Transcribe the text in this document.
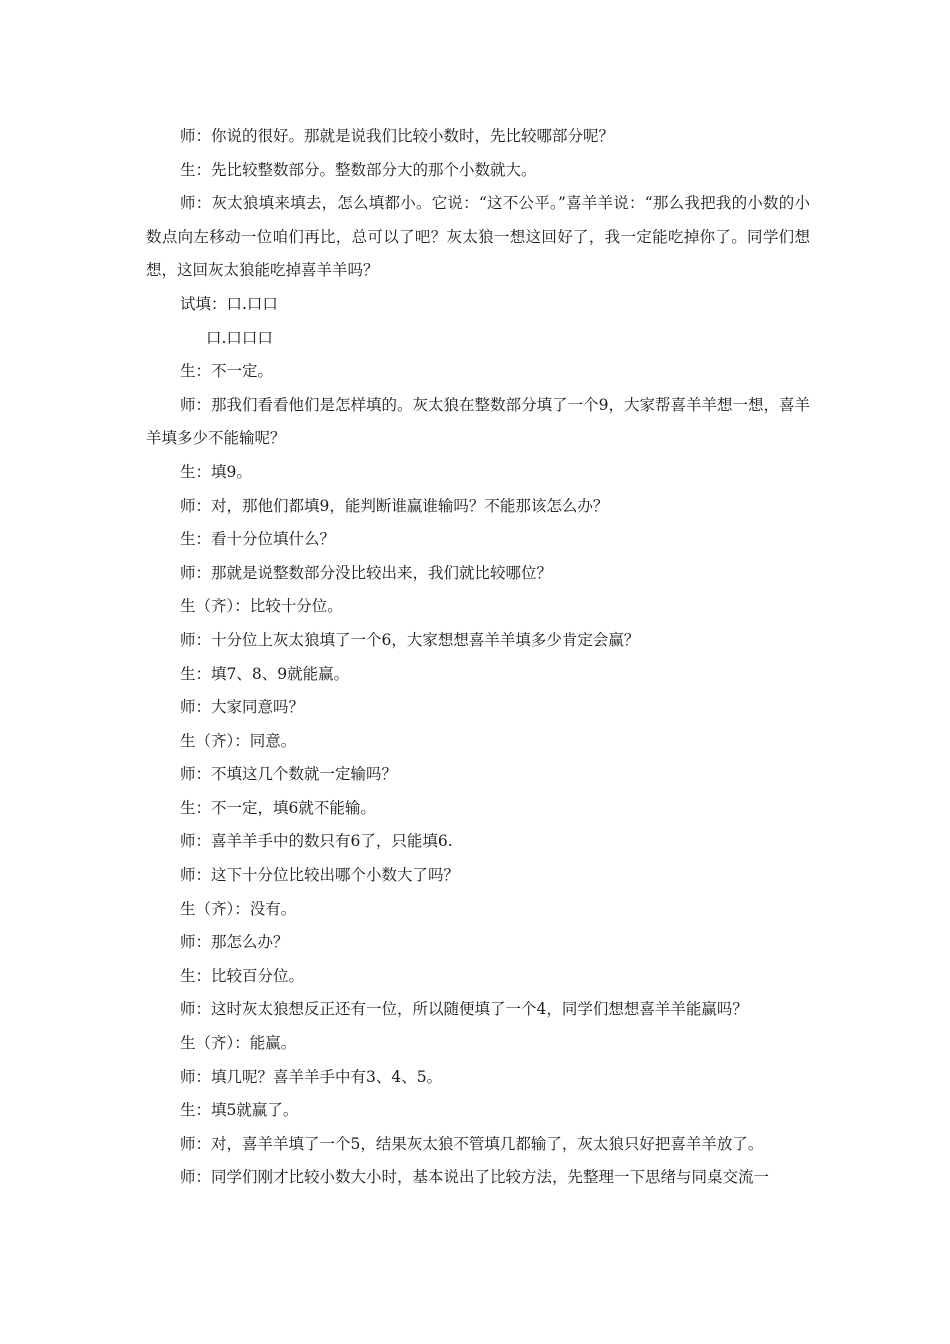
师：你说的很好。那就是说我们比较小数时，先比较哪部分呢？

生：先比较整数部分。整数部分大的那个小数就大。

师：灰太狼填来填去，怎么填都小。它说：“这不公平。”喜羊羊说：“那么我把我的小数的小数点向左移动一位咱们再比，总可以了吧？灰太狼一想这回好了，我一定能吃掉你了。同学们想想，这回灰太狼能吃掉喜羊羊吗？

试填：口.口口

口.口口口

生：不一定。

师：那我们看看他们是怎样填的。灰太狼在整数部分填了一个9，大家帮喜羊羊想一想，喜羊羊填多少不能输呢？

生：填9。

师：对，那他们都填9，能判断谁赢谁输吗？不能那该怎么办？

生：看十分位填什么？

师：那就是说整数部分没比较出来，我们就比较哪位？

生（齐）：比较十分位。

师：十分位上灰太狼填了一个6，大家想想喜羊羊填多少肯定会赢？

生：填7、8、9就能赢。

师：大家同意吗？

生（齐）：同意。

师：不填这几个数就一定输吗？

生：不一定，填6就不能输。

师：喜羊羊手中的数只有6了，只能填6.

师：这下十分位比较出哪个小数大了吗？

生（齐）：没有。

师：那怎么办？

生：比较百分位。

师：这时灰太狼想反正还有一位，所以随便填了一个4，同学们想想喜羊羊能赢吗？

生（齐）：能赢。

师：填几呢？喜羊羊手中有3、4、5。

生：填5就赢了。

师：对，喜羊羊填了一个5，结果灰太狼不管填几都输了，灰太狼只好把喜羊羊放了。

师：同学们刚才比较小数大小时，基本说出了比较方法，先整理一下思绪与同桌交流一
